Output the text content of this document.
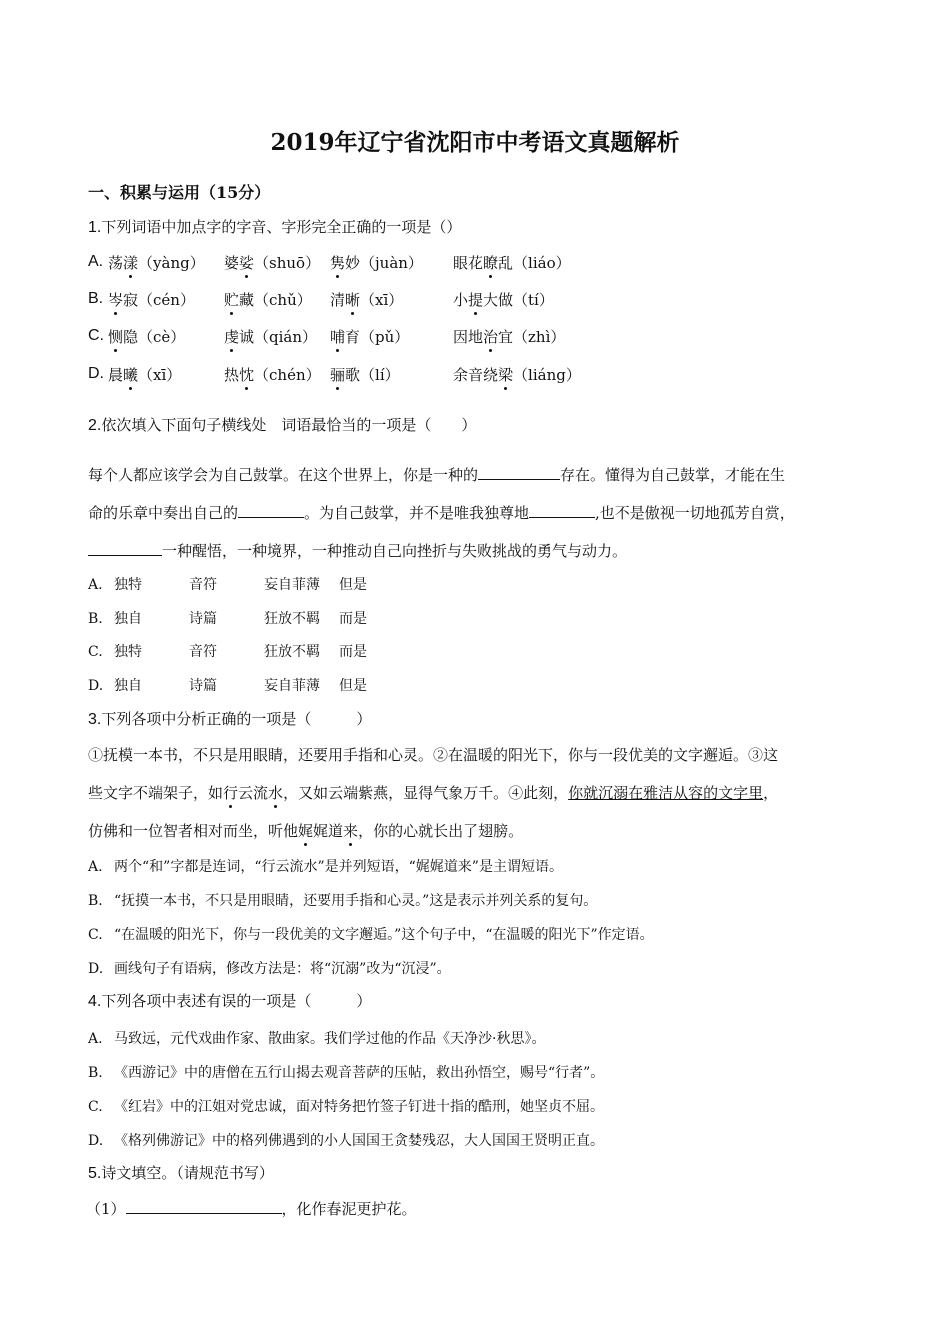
2019年辽宁省沈阳市中考语文真题解析
一、积累与运用（15分）
1.下列词语中加点字的字音、字形完全正确的一项是（）
A. 荡漾（yàng） 婆娑（shuō） 隽妙（juàn） 眼花瞭乱（liáo）
B. 岑寂（cén） 贮藏（chǔ） 清晰（xī）	小提大做（tí）
C. 恻隐（cè）	虔诚（qián） 哺育（pǔ）	因地治宜（zhì）
D. 晨曦（xī）	热忱（chén） 骊歌（lí）	余音绕梁（liáng）
2.依次填入下面句子横线处　词语最恰当的一项是（　　）
每个人都应该学会为自己鼓掌。在这个世界上，你是一种的	存在。懂得为自己鼓掌，才能在生
命的乐章中奏出自己的	。为自己鼓掌，并不是唯我独尊地	,也不是傲视一切地孤芳自赏，
一种醒悟，一种境界，一种推动自己向挫折与失败挑战的勇气与动力。
A. 独特	音符	妄自菲薄 但是
B. 独自	诗篇	狂放不羁 而是
C. 独特	音符	狂放不羁 而是
D. 独自	诗篇	妄自菲薄 但是
3.下列各项中分析正确的一项是（　　　）
①抚模一本书，不只是用眼睛，还要用手指和心灵。②在温暖的阳光下，你与一段优美的文字邂逅。③这
些文字不端架子，如行云流水，又如云端紫燕，显得气象万千。④此刻，你就沉溺在雅洁从容的文字里，
仿佛和一位智者相对而坐，听他娓娓道来，你的心就长出了翅膀。
A. 两个“和”字都是连词，“行云流水”是并列短语，“娓娓道来”是主谓短语。
B. “抚摸一本书，不只是用眼睛，还要用手指和心灵。”这是表示并列关系的复句。
C. “在温暖的阳光下，你与一段优美的文字邂逅。”这个句子中，“在温暖的阳光下”作定语。
D. 画线句子有语病，修改方法是：将“沉溺”改为“沉浸”。
4.下列各项中表述有误的一项是（　　　）
A. 马致远，元代戏曲作家、散曲家。我们学过他的作品《天净沙·秋思》。
B. 《西游记》中的唐僧在五行山揭去观音菩萨的压帖，救出孙悟空，赐号“行者”。
C. 《红岩》中的江姐对党忠诚，面对特务把竹签子钉进十指的酷刑，她坚贞不屈。
D. 《格列佛游记》中的格列佛遇到的小人国国王贪婪残忍，大人国国王贤明正直。
5.诗文填空。（请规范书写）
（1）	，化作春泥更护花。
